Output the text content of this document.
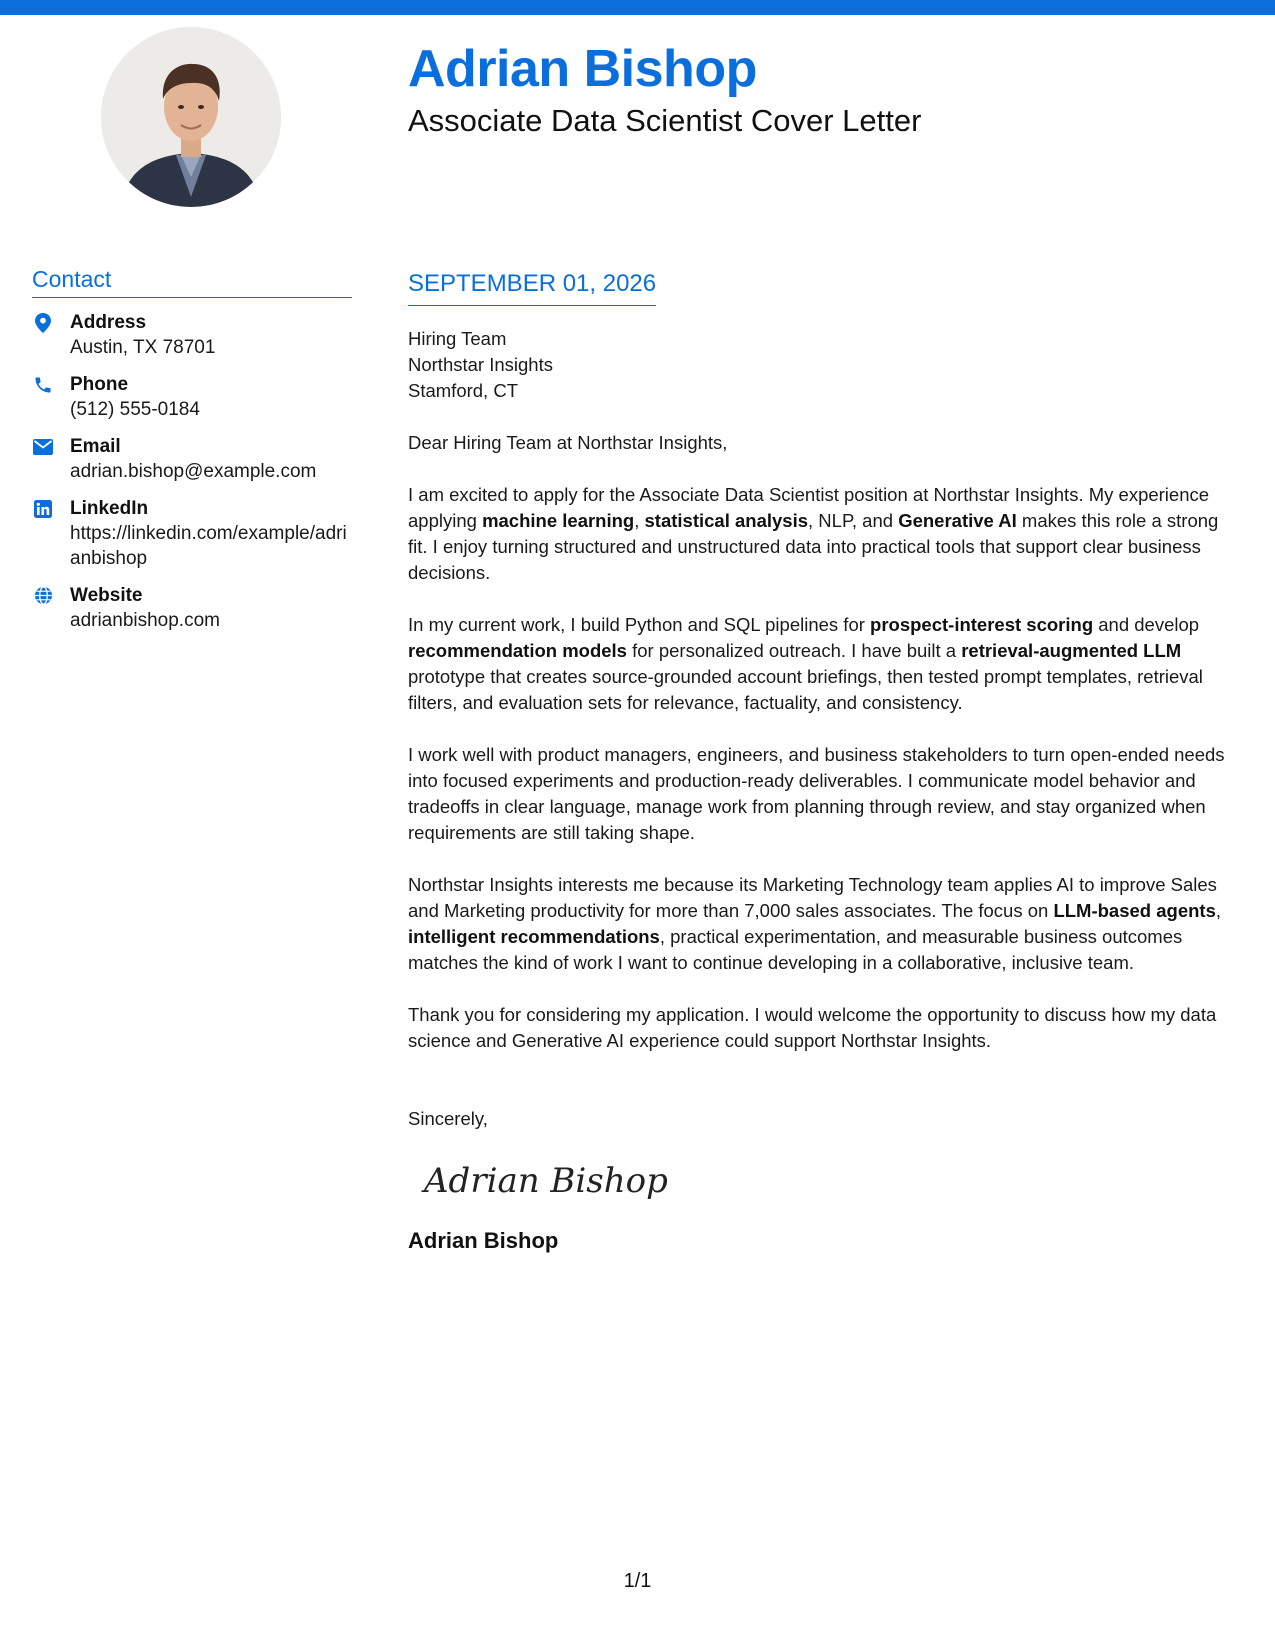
Adrian Bishop
Associate Data Scientist Cover Letter
Contact
Address
Austin, TX 78701
Phone
(512) 555-0184
Email
adrian.bishop@example.com
LinkedIn
https://linkedin.com/example/adrianbishop
Website
adrianbishop.com
SEPTEMBER 01, 2026
Hiring Team
Northstar Insights
Stamford, CT
Dear Hiring Team at Northstar Insights,

I am excited to apply for the Associate Data Scientist position at Northstar Insights. My experience applying machine learning, statistical analysis, NLP, and Generative AI makes this role a strong fit. I enjoy turning structured and unstructured data into practical tools that support clear business decisions.

In my current work, I build Python and SQL pipelines for prospect-interest scoring and develop recommendation models for personalized outreach. I have built a retrieval-augmented LLM prototype that creates source-grounded account briefings, then tested prompt templates, retrieval filters, and evaluation sets for relevance, factuality, and consistency.

I work well with product managers, engineers, and business stakeholders to turn open-ended needs into focused experiments and production-ready deliverables. I communicate model behavior and tradeoffs in clear language, manage work from planning through review, and stay organized when requirements are still taking shape.

Northstar Insights interests me because its Marketing Technology team applies AI to improve Sales and Marketing productivity for more than 7,000 sales associates. The focus on LLM-based agents, intelligent recommendations, practical experimentation, and measurable business outcomes matches the kind of work I want to continue developing in a collaborative, inclusive team.

Thank you for considering my application. I would welcome the opportunity to discuss how my data science and Generative AI experience could support Northstar Insights.

Sincerely,
Adrian Bishop
Adrian Bishop
1/1
